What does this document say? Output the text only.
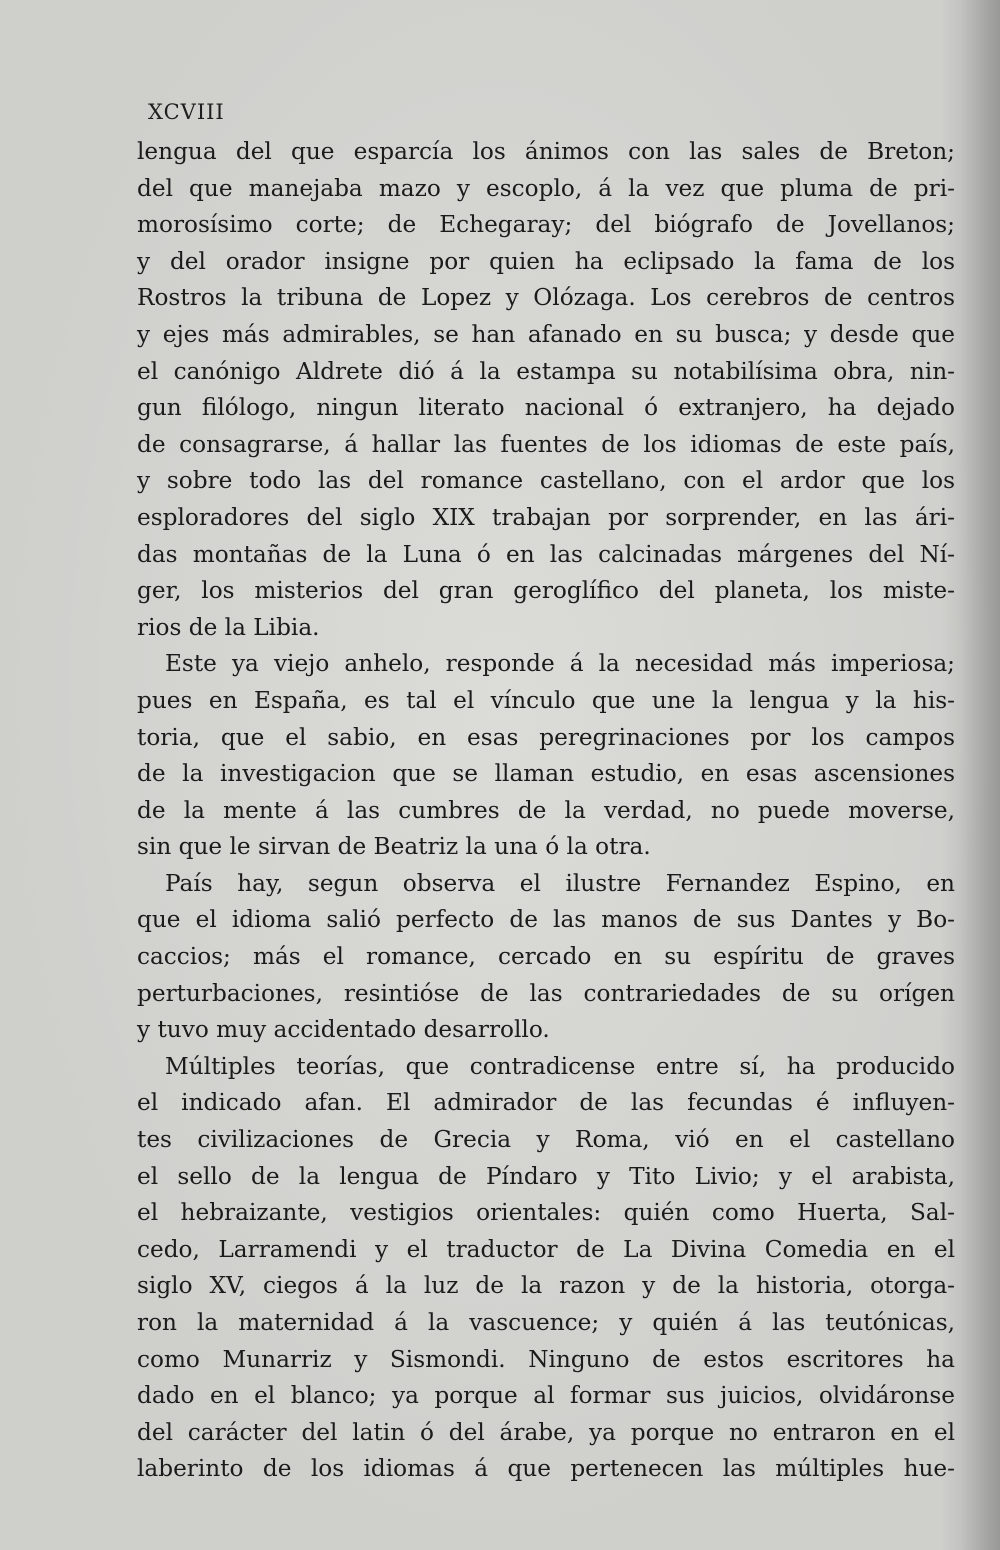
XCVIII
lengua del que esparcía los ánimos con las sales de Breton;
del que manejaba mazo y escoplo, á la vez que pluma de pri-
morosísimo corte; de Echegaray; del biógrafo de Jovellanos;
y del orador insigne por quien ha eclipsado la fama de los
Rostros la tribuna de Lopez y Olózaga. Los cerebros de centros
y ejes más admirables, se han afanado en su busca; y desde que
el canónigo Aldrete dió á la estampa su notabilísima obra, nin-
gun filólogo, ningun literato nacional ó extranjero, ha dejado
de consagrarse, á hallar las fuentes de los idiomas de este país,
y sobre todo las del romance castellano, con el ardor que los
esploradores del siglo XIX trabajan por sorprender, en las ári-
das montañas de la Luna ó en las calcinadas márgenes del Ní-
ger, los misterios del gran geroglífico del planeta, los miste-
rios de la Libia.
Este ya viejo anhelo, responde á la necesidad más imperiosa;
pues en España, es tal el vínculo que une la lengua y la his-
toria, que el sabio, en esas peregrinaciones por los campos
de la investigacion que se llaman estudio, en esas ascensiones
de la mente á las cumbres de la verdad, no puede moverse,
sin que le sirvan de Beatriz la una ó la otra.
País hay, segun observa el ilustre Fernandez Espino, en
que el idioma salió perfecto de las manos de sus Dantes y Bo-
caccios; más el romance, cercado en su espíritu de graves
perturbaciones, resintióse de las contrariedades de su orígen
y tuvo muy accidentado desarrollo.
Múltiples teorías, que contradicense entre sí, ha producido
el indicado afan. El admirador de las fecundas é influyen-
tes civilizaciones de Grecia y Roma, vió en el castellano
el sello de la lengua de Píndaro y Tito Livio; y el arabista,
el hebraizante, vestigios orientales: quién como Huerta, Sal-
cedo, Larramendi y el traductor de La Divina Comedia en el
siglo XV, ciegos á la luz de la razon y de la historia, otorga-
ron la maternidad á la vascuence; y quién á las teutónicas,
como Munarriz y Sismondi. Ninguno de estos escritores ha
dado en el blanco; ya porque al formar sus juicios, olvidáronse
del carácter del latin ó del árabe, ya porque no entraron en el
laberinto de los idiomas á que pertenecen las múltiples hue-
